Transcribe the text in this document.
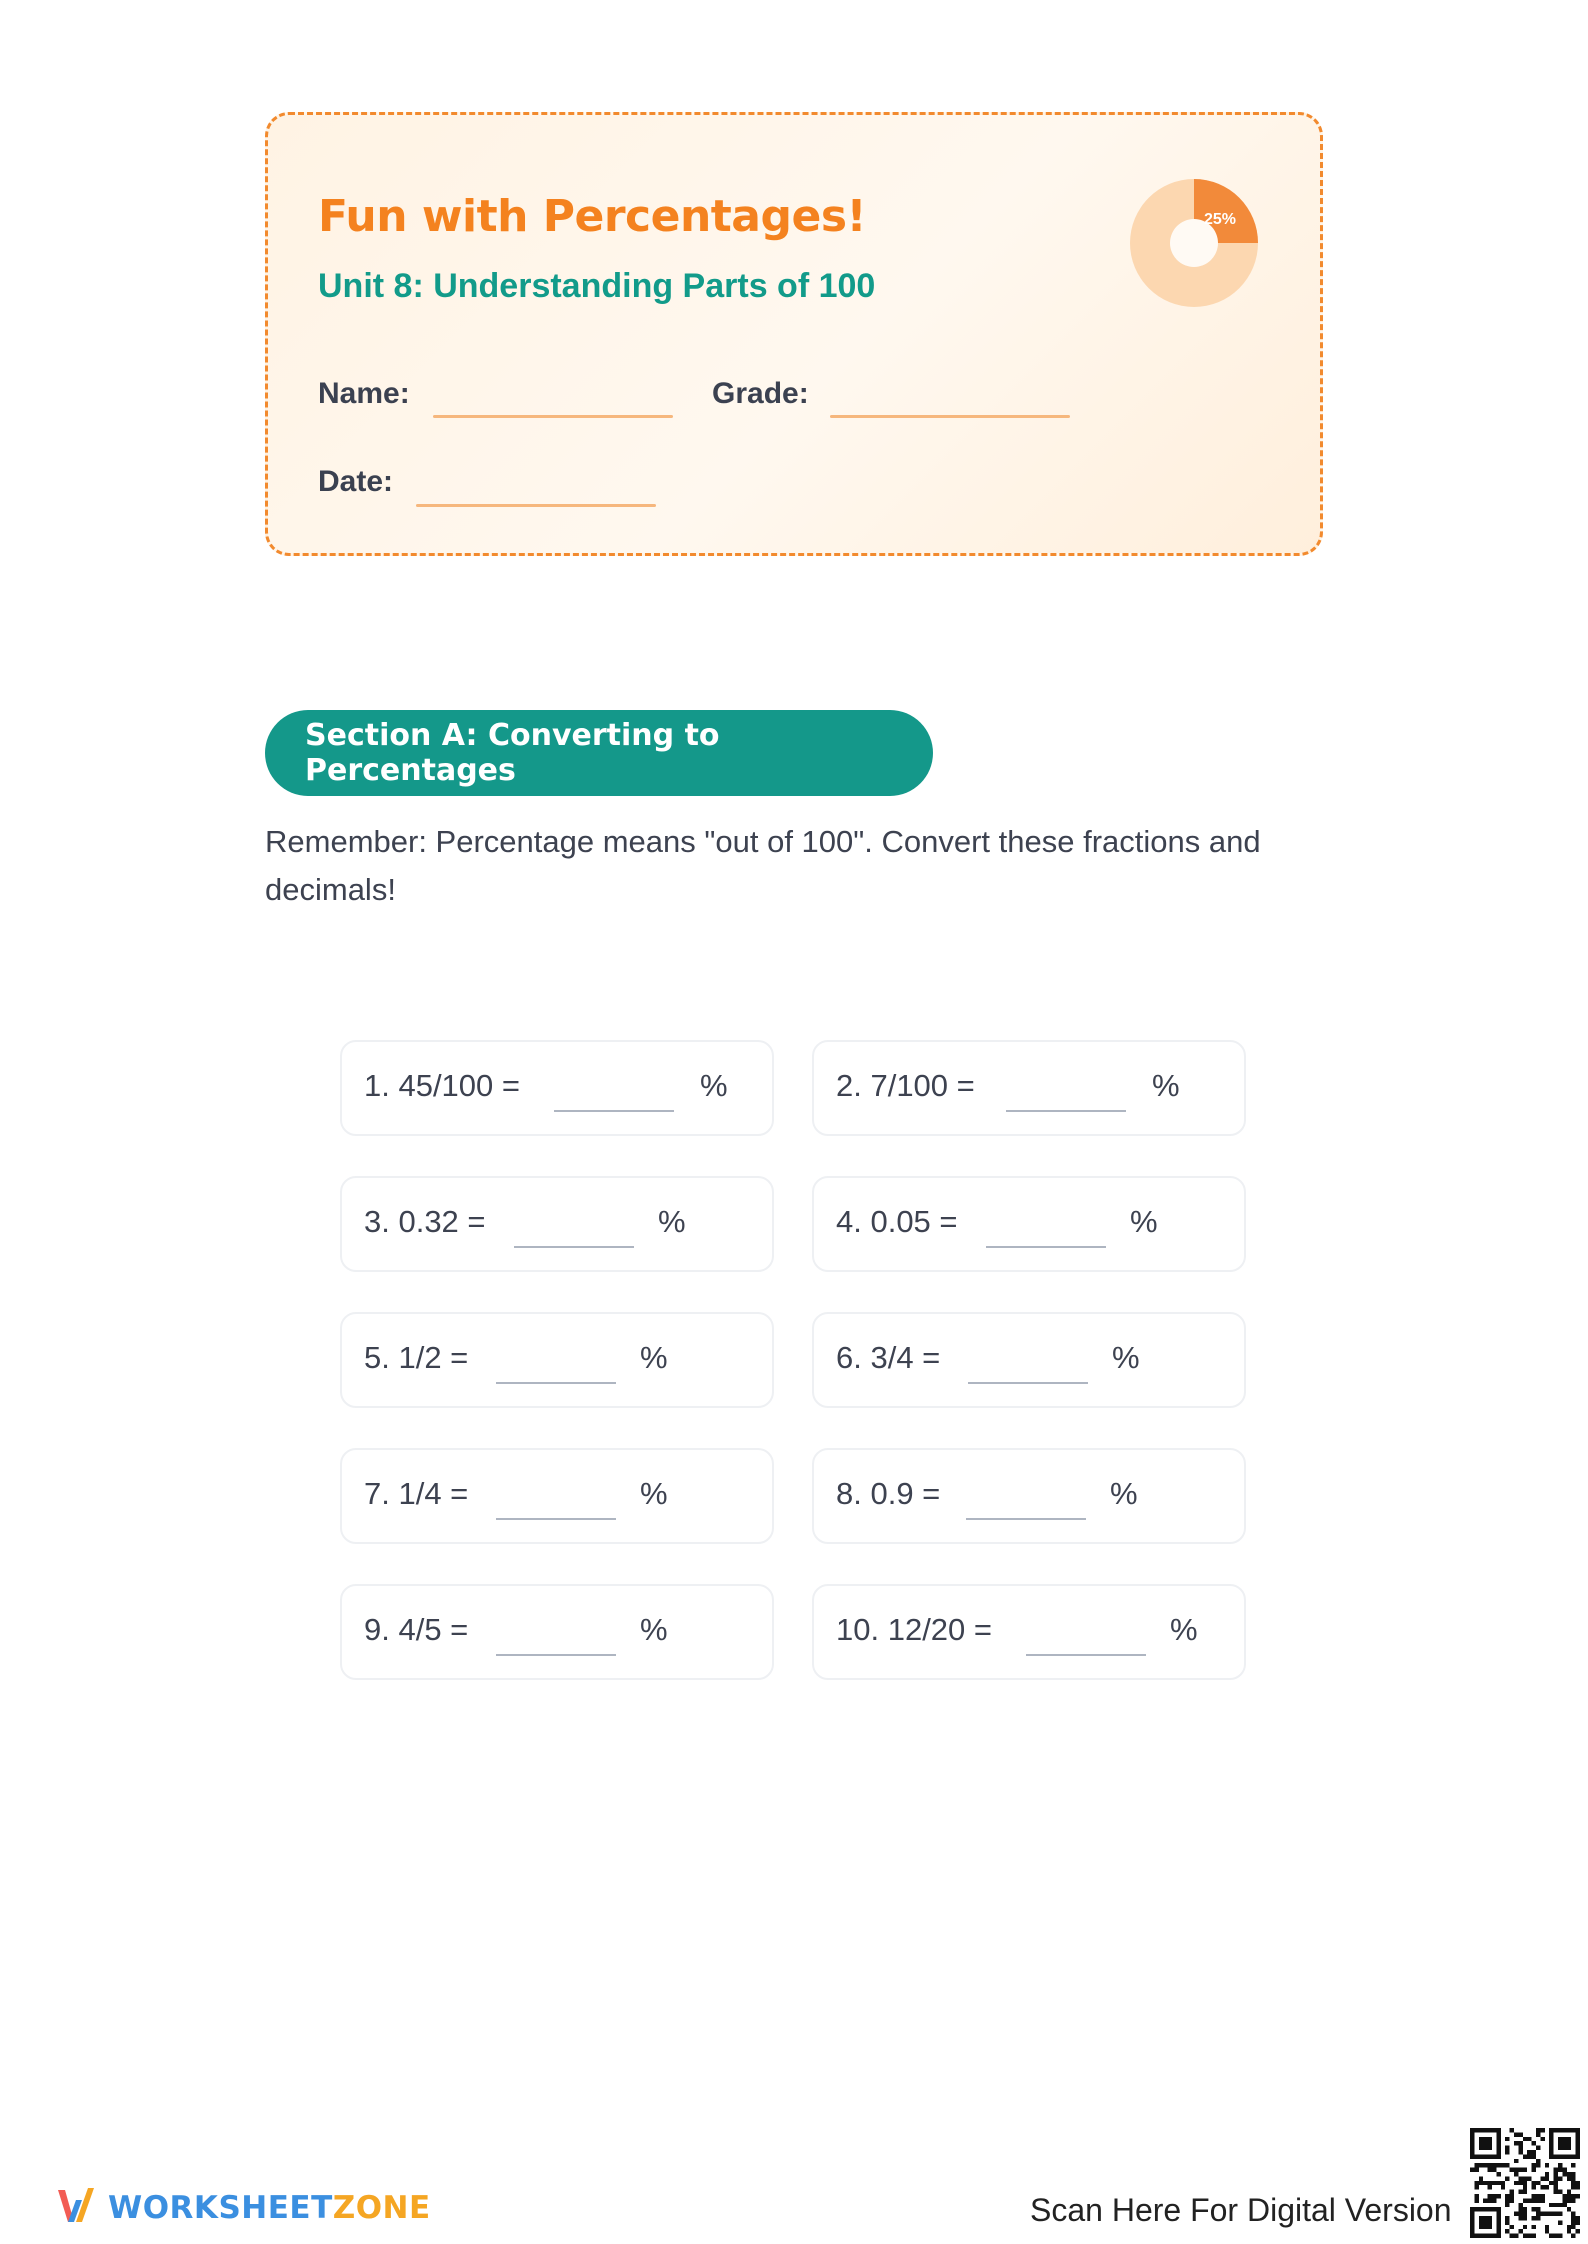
Fun with Percentages!
Unit 8: Understanding Parts of 100
Name:	Grade:
Date:
25%
Section A: Converting to Percentages
Remember: Percentage means "out of 100". Convert these fractions and decimals!
1. 45/100 =	%	2. 7/100 =	%
3. 0.32 =	%	4. 0.05 =	%
5. 1/2 =	%	6. 3/4 =	%
7. 1/4 =	%	8. 0.9 =	%
9. 4/5 =	%	10. 12/20 =	%
WORKSHEETZONE	Scan Here For Digital Version
